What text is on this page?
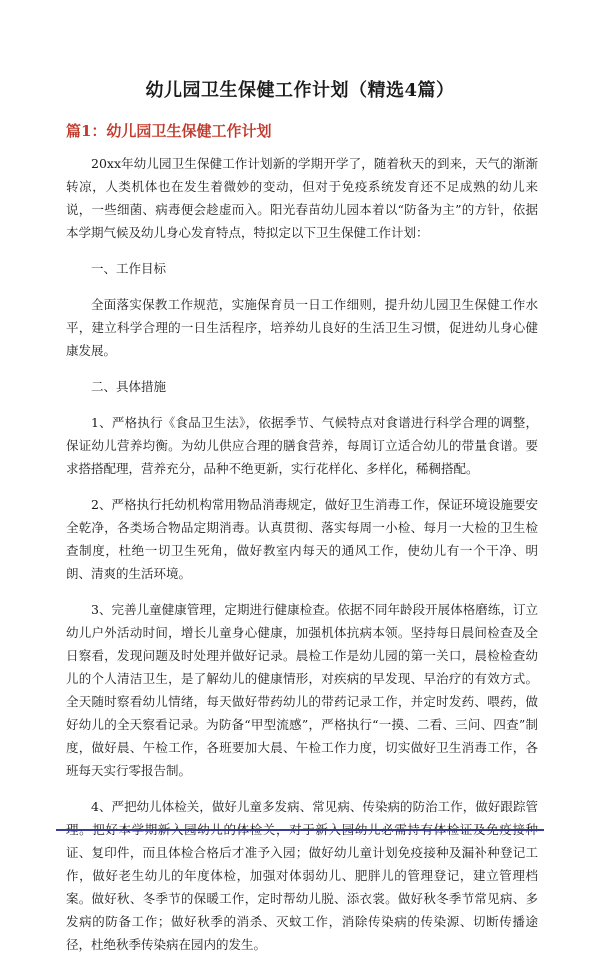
幼儿园卫生保健工作计划（精选4篇）
篇1：幼儿园卫生保健工作计划

20xx年幼儿园卫生保健工作计划新的学期开学了，随着秋天的到来，天气的渐渐转凉，人类机体也在发生着微妙的变动，但对于免疫系统发育还不足成熟的幼儿来说，一些细菌、病毒便会趁虚而入。阳光春苗幼儿园本着以“防备为主”的方针，依据本学期气候及幼儿身心发育特点，特拟定以下卫生保健工作计划：

一、工作目标

全面落实保教工作规范，实施保育员一日工作细则，提升幼儿园卫生保健工作水平，建立科学合理的一日生活程序，培养幼儿良好的生活卫生习惯，促进幼儿身心健康发展。

二、具体措施

1、严格执行《食品卫生法》，依据季节、气候特点对食谱进行科学合理的调整，保证幼儿营养均衡。为幼儿供应合理的膳食营养，每周订立适合幼儿的带量食谱。要求搭搭配理，营养充分，品种不绝更新，实行花样化、多样化，稀稠搭配。

2、严格执行托幼机构常用物品消毒规定，做好卫生消毒工作，保证环境设施要安全乾净，各类场合物品定期消毒。认真贯彻、落实每周一小检、每月一大检的卫生检查制度，杜绝一切卫生死角，做好教室内每天的通风工作，使幼儿有一个干净、明朗、清爽的生活环境。

3、完善儿童健康管理，定期进行健康检查。依据不同年龄段开展体格磨练，订立幼儿户外活动时间，增长儿童身心健康，加强机体抗病本领。坚持每日晨间检查及全日察看，发现问题及时处理并做好记录。晨检工作是幼儿园的第一关口，晨检检查幼儿的个人清洁卫生，是了解幼儿的健康情形，对疾病的早发现、早治疗的有效方式。全天随时察看幼儿情绪，每天做好带药幼儿的带药记录工作，并定时发药、喂药，做好幼儿的全天察看记录。为防备“甲型流感”，严格执行“一摸、二看、三问、四查”制度，做好晨、午检工作，各班要加大晨、午检工作力度，切实做好卫生消毒工作，各班每天实行零报告制。

4、严把幼儿体检关，做好儿童多发病、常见病、传染病的防治工作，做好跟踪管理。把好本学期新入园幼儿的体检关，对于新入园幼儿必需持有体检证及免疫接种证、复印件，而且体检合格后才准予入园；做好幼儿童计划免疫接种及漏补种登记工作，做好老生幼儿的年度体检，加强对体弱幼儿、肥胖儿的管理登记，建立管理档案。做好秋、冬季节的保暖工作，定时帮幼儿脱、添衣裳。做好秋冬季节常见病、多发病的防备工作；做好秋季的消杀、灭蚊工作，消除传染病的传染源、切断传播途径，杜绝秋季传染病在园内的发生。
